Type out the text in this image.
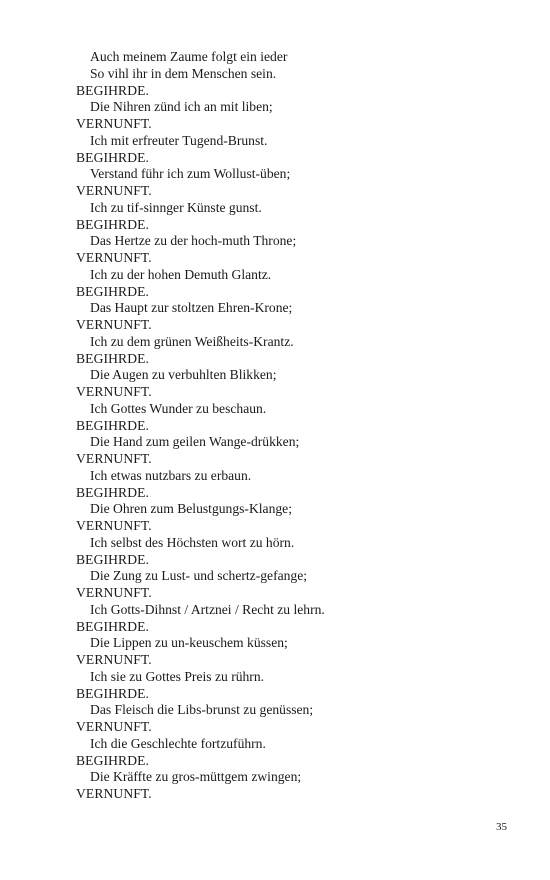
Auch meinem Zaume folgt ein ieder
So vihl ihr in dem Menschen sein.
BEGIHRDE.
Die Nihren zünd ich an mit liben;
VERNUNFT.
Ich mit erfreuter Tugend-Brunst.
BEGIHRDE.
Verstand führ ich zum Wollust-üben;
VERNUNFT.
Ich zu tif-sinnger Künste gunst.
BEGIHRDE.
Das Hertze zu der hoch-muth Throne;
VERNUNFT.
Ich zu der hohen Demuth Glantz.
BEGIHRDE.
Das Haupt zur stoltzen Ehren-Krone;
VERNUNFT.
Ich zu dem grünen Weißheits-Krantz.
BEGIHRDE.
Die Augen zu verbuhlten Blikken;
VERNUNFT.
Ich Gottes Wunder zu beschaun.
BEGIHRDE.
Die Hand zum geilen Wange-drükken;
VERNUNFT.
Ich etwas nutzbars zu erbaun.
BEGIHRDE.
Die Ohren zum Belustgungs-Klange;
VERNUNFT.
Ich selbst des Höchsten wort zu hörn.
BEGIHRDE.
Die Zung zu Lust- und schertz-gefange;
VERNUNFT.
Ich Gotts-Dihnst / Artznei / Recht zu lehrn.
BEGIHRDE.
Die Lippen zu un-keuschem küssen;
VERNUNFT.
Ich sie zu Gottes Preis zu rührn.
BEGIHRDE.
Das Fleisch die Libs-brunst zu genüssen;
VERNUNFT.
Ich die Geschlechte fortzuführn.
BEGIHRDE.
Die Kräffte zu gros-müttgem zwingen;
VERNUNFT.
35
